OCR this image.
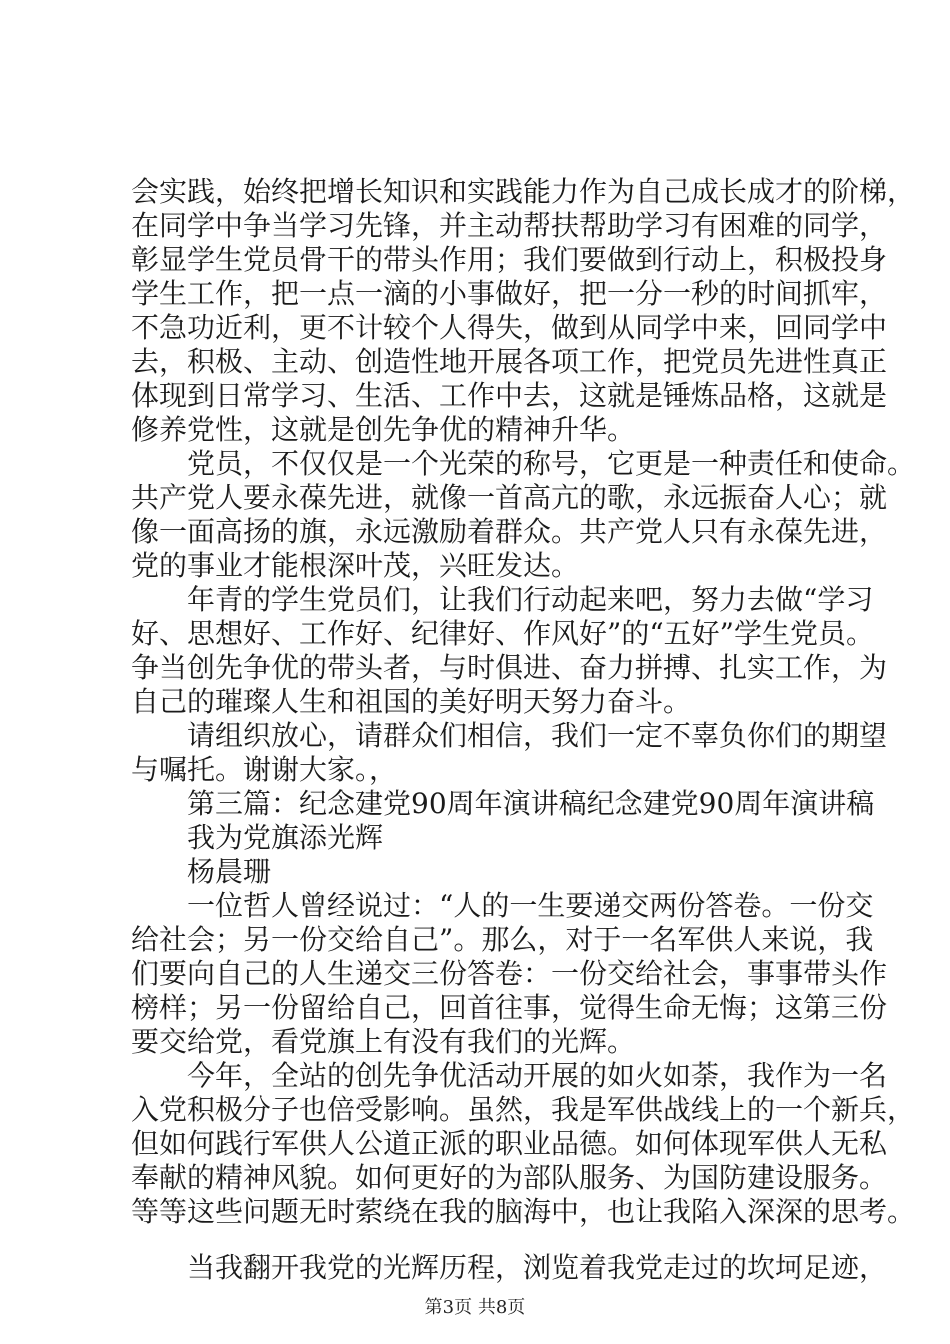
会实践，始终把增长知识和实践能力作为自己成长成才的阶梯，
在同学中争当学习先锋，并主动帮扶帮助学习有困难的同学，
彰显学生党员骨干的带头作用；我们要做到行动上，积极投身
学生工作，把一点一滴的小事做好，把一分一秒的时间抓牢，
不急功近利，更不计较个人得失，做到从同学中来，回同学中
去，积极、主动、创造性地开展各项工作，把党员先进性真正
体现到日常学习、生活、工作中去，这就是锤炼品格，这就是
修养党性，这就是创先争优的精神升华。
　　党员，不仅仅是一个光荣的称号，它更是一种责任和使命。
共产党人要永葆先进，就像一首高亢的歌，永远振奋人心；就
像一面高扬的旗，永远激励着群众。共产党人只有永葆先进，
党的事业才能根深叶茂，兴旺发达。
　　年青的学生党员们，让我们行动起来吧，努力去做“学习
好、思想好、工作好、纪律好、作风好”的“五好”学生党员。
争当创先争优的带头者，与时俱进、奋力拼搏、扎实工作，为
自己的璀璨人生和祖国的美好明天努力奋斗。
　　请组织放心，请群众们相信，我们一定不辜负你们的期望
与嘱托。谢谢大家。，
　　第三篇：纪念建党90周年演讲稿纪念建党90周年演讲稿
　　我为党旗添光辉
　　杨晨珊
　　一位哲人曾经说过：“人的一生要递交两份答卷。一份交
给社会；另一份交给自己”。那么，对于一名军供人来说，我
们要向自己的人生递交三份答卷：一份交给社会，事事带头作
榜样；另一份留给自己，回首往事，觉得生命无悔；这第三份
要交给党，看党旗上有没有我们的光辉。
　　今年，全站的创先争优活动开展的如火如荼，我作为一名
入党积极分子也倍受影响。虽然，我是军供战线上的一个新兵，
但如何践行军供人公道正派的职业品德。如何体现军供人无私
奉献的精神风貌。如何更好的为部队服务、为国防建设服务。
等等这些问题无时萦绕在我的脑海中，也让我陷入深深的思考。
　　当我翻开我党的光辉历程，浏览着我党走过的坎坷足迹，
第3页 共8页
